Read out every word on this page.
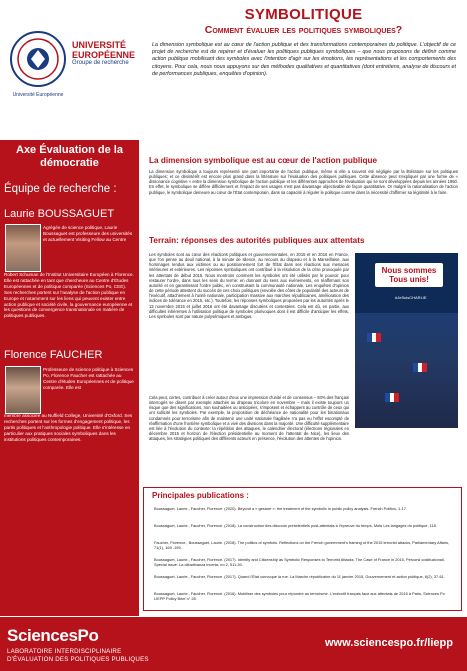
UNIVERSITÉ
EUROPÉENNE
Groupe de recherche
Université Européenne
Axe Évaluation de la démocratie
Équipe de recherche :
Laurie BOUSSAGUET
Agrégée de science politique, Laurie Boussaguet est professeure des universités et actuellement Visiting Fellow au Centre
Robert Schuman de l'Institut Universitaire Européen à Florence. Elle est rattachée en tant que chercheure au Centre d'Études Européennes et de politique comparée (Sciences Po, CEE). Ses recherches portent sur l'analyse de l'action publique en Europe et notamment sur les liens qui peuvent exister entre action publique et société civile, la gouvernance européenne et les questions de convergence transnationale en matière de politiques publiques.
Florence FAUCHER
Professeure de science politique à Sciences Po, Florence Faucher est rattachée au Centre d'études Européennes et de politique comparée. Elle est
membre associée au Nuffield College, Université d'Oxford. Ses recherches portent sur les formes d'engagement politique, les partis politiques et l'anthropologie politique. Elle s'intéresse en particulier aux pratiques sociales symboliques dans les institutions politiques contemporaines.
SYMBOLITIQUE
Comment évaluer les politiques symboliques?
La dimension symbolique est au cœur de l'action publique et des transformations contemporaines du politique. L'objectif de ce projet de recherche est de repérer et d'évaluer les politiques publiques symboliques – que nous proposons de définir comme action publique mobilisant des symboles avec l'intention d'agir sur les émotions, les représentations et les comportements des citoyens. Pour cela, nous nous appuyons sur des méthodes qualitatives et quantitatives (dont entretiens, analyse de discours et de performances publiques, enquêtes d'opinion).
La dimension symbolique est au cœur de l'action publique
La dimension symbolique a toujours représenté une part importante de l'action publique, même si elle a souvent été négligée par la littérature sur les politiques publiques; et ce désintérêt est encore plus grand dans la littérature sur l'évaluation des politiques publiques. Cette absence peut s'expliquer par une forme de « dissonance cognitive » entre la dimension symbolique de l'action publique et les différentes approches de l'évaluation qui se sont développées depuis les années 1960. En effet, le symbolique se diffère difficilement et l'impact de ses usages n'est pas davantage objectivable de façon quantitative. Or malgré la rationalisation de l'action publique, le symbolique demeure au cœur de l'État contemporain, dans sa capacité à réguler le politique comme dans la nécessité d'affirmer sa légitimité à le faire.
Terrain: réponses des autorités publiques aux attentats
Les symboles sont au cœur des réactions politiques et gouvernementales, en 2015 et en 2016 en France, que l'on pense au deuil national, à la minute de silence, au recours au drapeau et à la Marseillaise, aux hommages rendus aux victimes ou au positionnement fort de l'État dans ses réactions aux menaces intérieures et extérieures. Les réponses symboliques ont contribué à la résolution de la crise provoquée par les attentats de début 2015. Nous montrons comment les symboles ont été utilisés par le pouvoir pour restaurer l'ordre, dans tous les sens du terme: en donnant du sens aux événements, en réaffirmant son autorité et en garantissant l'ordre public, en construisant la communauté nationale. Les enquêtes d'opinion de cette période attestent du succès de ces choix politiques (envolée des côtes de popularité des acteurs de l'exécutif, attachement à l'unité nationale, participation massive aux marches républicaines, amélioration des indices de tolérance en 2015, etc.). Toutefois, les réponses symboliques proposées par les autorités après le 13 novembre 2015 et juillet 2016 ont été davantage discutées et contestées. Cela est dû, en partie, aux difficultés inhérentes à l'utilisation politique de symboles plurivoques dont il est difficile d'anticiper les effets. Les symboles sont par nature polysémiques et ambigus.
Nous sommes Tous unis!
#JeSuisCHARLIE
Cela peut, certes, contribuer à créer autour d'eux une impression d'unité et de consensus – 93% des français interrogés se disent par exemple attachés au drapeau tricolore en novembre – mais il existe toujours un risque que des significations, non souhaitées ou anticipées, s'imposent et échappent au contrôle de ceux qui ont sollicité les symboles. Par exemple, la proposition de déchéance de nationalité pour les binationaux condamnés pour terrorisme afin de maintenir une unité nationale fragilisée n'a pas eu l'effet escompté de réaffirmation d'une frontière symbolique et a vivé des divisions dans la majorité. Une difficulté supplémentaire est liée à l'évolution du contexte: la répétition des attaques, le calendrier électoral (élections régionales en décembre 2015 et horizon de l'élection présidentielle au moment de l'attentat de Nice), les lieux des attaques, les stratégies politiques des différents acteurs en présence, l'évolution des attentes de l'opinion.
Principales publications :
Boussaguet, Laurie., Faucher, Florence. (2020). Beyond a « gesture »: the treatment of the symbolic in public policy analysis. French Politics, 1-17.
Boussaguet, Laurie., Faucher, Florence. (2018). La construction des discours présidentiels post-attentats à l'épreuve du temps, Mots Les langages du politique, 118.
Faucher, Florence., Boussaguet, Laurie. (2018). The politics of symbols. Reflections on the French government's framing of the 2015 terrorist attacks, Parliamentary Affairs, 71(1), 169 -195.
Boussaguet, Laurie., Faucher, Florence. (2017). Identity and Citizenship as Symbolic Responses to Terrorist Attacks. The Case of France in 2015, Percorsi costituzionali, Special issue: La cittadinanza incerta, no.2, 511-30.
Boussaguet, Laurie., Faucher, Florence. (2017). Quand l'État convoque la rue. La Marche républicaine du 11 janvier 2015, Gouvernement et action publique, 6(2), 37-61.
Boussaguet, Laurie., Faucher, Florence. (2016). Mobiliser des symboles pour répondre au terrorisme. L'exécutif français face aux attentats de 2015 à Paris, Sciences Po LIEPP Policy Brief n° 28.
SciencesPo
LABORATOIRE INTERDISCIPLINAIRE
D'ÉVALUATION DES POLITIQUES PUBLIQUES
www.sciencespo.fr/liepp
